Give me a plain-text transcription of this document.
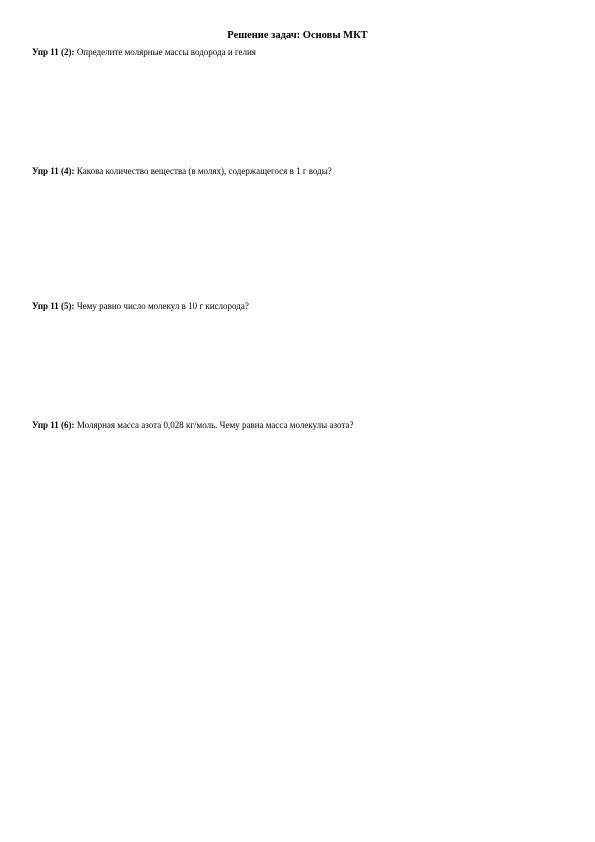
Решение задач: Основы МКТ
Упр 11 (2): Определите молярные массы водорода и гелия
Упр 11 (4): Какова количество вещества (в молях), содержащегося в 1 г воды?
Упр 11 (5): Чему равно число молекул в 10 г кислорода?
Упр 11 (6): Молярная масса азота 0,028 кг/моль. Чему равна масса молекулы азота?
